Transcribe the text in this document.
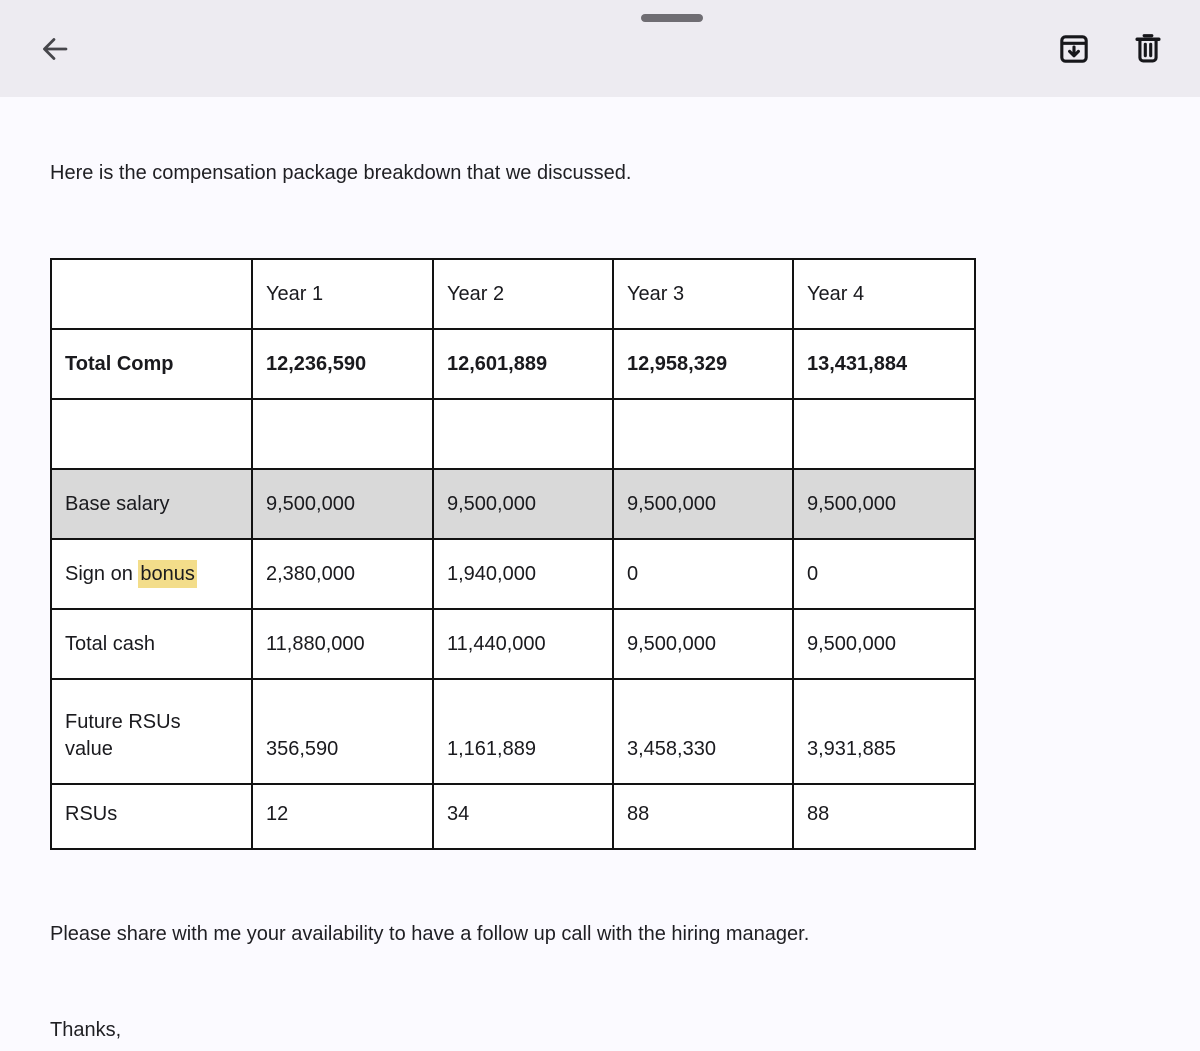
Here is the compensation package breakdown that we discussed.

	Year 1	Year 2	Year 3	Year 4
Total Comp	12,236,590	12,601,889	12,958,329	13,431,884

Base salary	9,500,000	9,500,000	9,500,000	9,500,000
Sign on bonus	2,380,000	1,940,000	0	0
Total cash	11,880,000	11,440,000	9,500,000	9,500,000
Future RSUs value	356,590	1,161,889	3,458,330	3,931,885
RSUs	12	34	88	88

Please share with me your availability to have a follow up call with the hiring manager.

Thanks,
